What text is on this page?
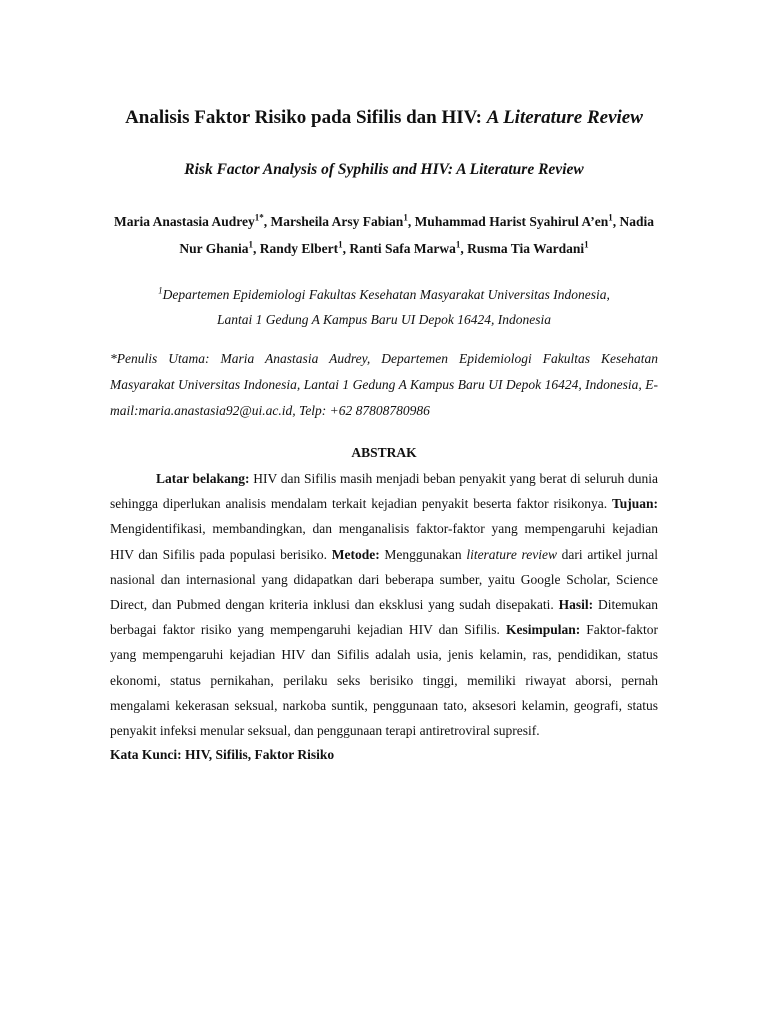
Analisis Faktor Risiko pada Sifilis dan HIV: A Literature Review

Risk Factor Analysis of Syphilis and HIV: A Literature Review

Maria Anastasia Audrey$^{1*}$, Marsheila Arsy Fabian$^1$, Muhammad Harist Syahirul $A’en^1$, Nadia Nur Ghania$^1$, Randy Elbert$^1$, Ranti Safa Marwa$^1$, Rusma Tia Wardani$^1$

$^1$Departemen Epidemiologi Fakultas Kesehatan Masyarakat Universitas Indonesia,
Lantai 1 Gedung A Kampus Baru UI Depok 16424, Indonesia

*Penulis Utama: Maria Anastasia Audrey, Departemen Epidemiologi Fakultas Kesehatan Masyarakat Universitas Indonesia, Lantai 1 Gedung A Kampus Baru UI Depok 16424, Indonesia, E-mail:maria.anastasia92@ui.ac.id, Telp: +62 87808780986

ABSTRAK

Latar belakang: HIV dan Sifilis masih menjadi beban penyakit yang berat di seluruh dunia sehingga diperlukan analisis mendalam terkait kejadian penyakit beserta faktor risikonya. Tujuan: Mengidentifikasi, membandingkan, dan menganalisis faktor-faktor yang mempengaruhi kejadian HIV dan Sifilis pada populasi berisiko. Metode: Menggunakan literature review dari artikel jurnal nasional dan internasional yang didapatkan dari beberapa sumber, yaitu Google Scholar, Science Direct, dan Pubmed dengan kriteria inklusi dan eksklusi yang sudah disepakati. Hasil: Ditemukan berbagai faktor risiko yang mempengaruhi kejadian HIV dan Sifilis. Kesimpulan: Faktor-faktor yang mempengaruhi kejadian HIV dan Sifilis adalah usia, jenis kelamin, ras, pendidikan, status ekonomi, status pernikahan, perilaku seks berisiko tinggi, memiliki riwayat aborsi, pernah mengalami kekerasan seksual, narkoba suntik, penggunaan tato, aksesori kelamin, geografi, status penyakit infeksi menular seksual, dan penggunaan terapi antiretroviral supresif.

Kata Kunci: HIV, Sifilis, Faktor Risiko
